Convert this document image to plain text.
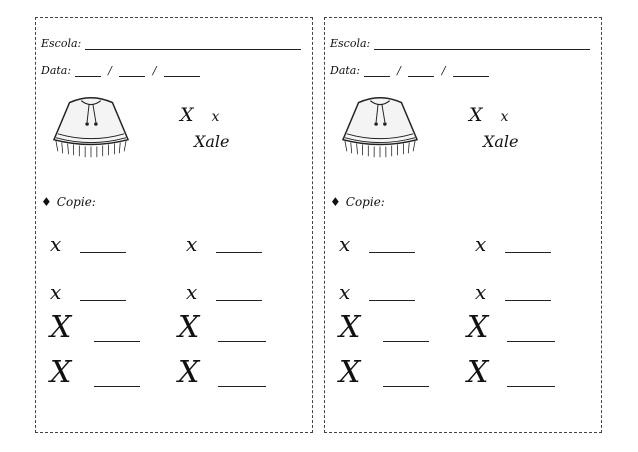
Escola:
Data:	/	/
X x
Xale
♦ Copie:
x	x
x	x
X	X
X	X
Escola:
Data:	/	/
X x
Xale
♦ Copie:
x	x
x	x
X	X
X	X
